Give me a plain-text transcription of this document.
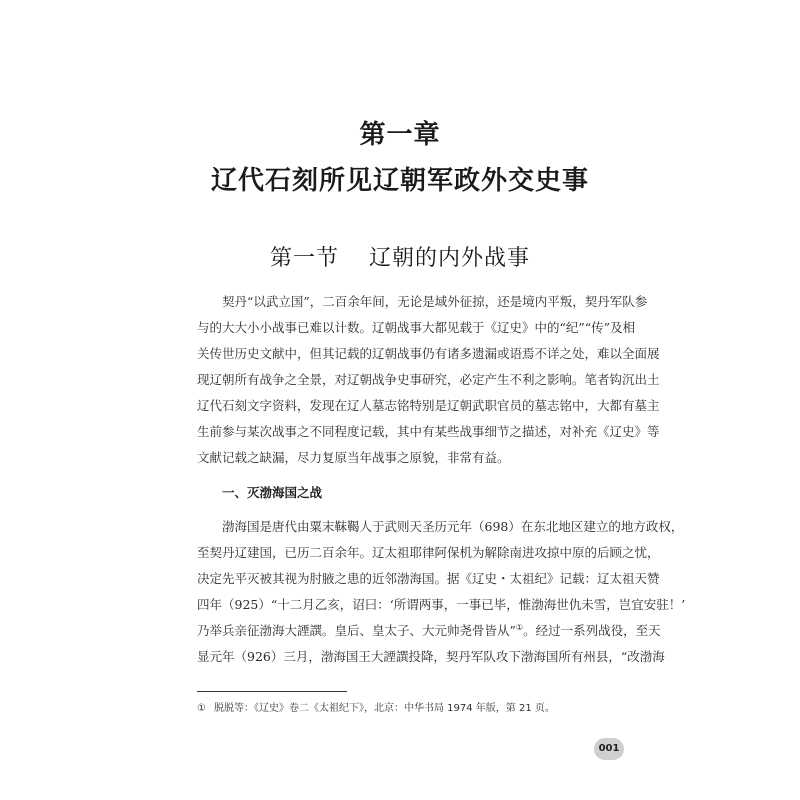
第一章
辽代石刻所见辽朝军政外交史事
第一节 辽朝的内外战事
契丹“以武立国”，二百余年间，无论是域外征掠，还是境内平叛，契丹军队参
与的大大小小战事已难以计数。辽朝战事大都见载于《辽史》中的“纪”“传”及相
关传世历史文献中，但其记载的辽朝战事仍有诸多遗漏或语焉不详之处，难以全面展
现辽朝所有战争之全景，对辽朝战争史事研究，必定产生不利之影响。笔者钩沉出土
辽代石刻文字资料，发现在辽人墓志铭特别是辽朝武职官员的墓志铭中，大都有墓主
生前参与某次战事之不同程度记载，其中有某些战事细节之描述，对补充《辽史》等
文献记载之缺漏，尽力复原当年战事之原貌，非常有益。
一、灭渤海国之战
渤海国是唐代由粟末靺鞨人于武则天圣历元年（698）在东北地区建立的地方政权，
至契丹辽建国，已历二百余年。辽太祖耶律阿保机为解除南进攻掠中原的后顾之忧，
决定先平灭被其视为肘腋之患的近邻渤海国。据《辽史・太祖纪》记载：辽太祖天赞
四年（925）“十二月乙亥，诏曰：‘所谓两事，一事已毕，惟渤海世仇未雪，岂宜安驻！’
乃举兵亲征渤海大諲譔。皇后、皇太子、大元帅尧骨皆从”①。经过一系列战役，至天
显元年（926）三月，渤海国王大諲譔投降，契丹军队攻下渤海国所有州县，“改渤海
① 脱脱等：《辽史》卷二《太祖纪下》，北京：中华书局 1974 年版，第 21 页。
001
